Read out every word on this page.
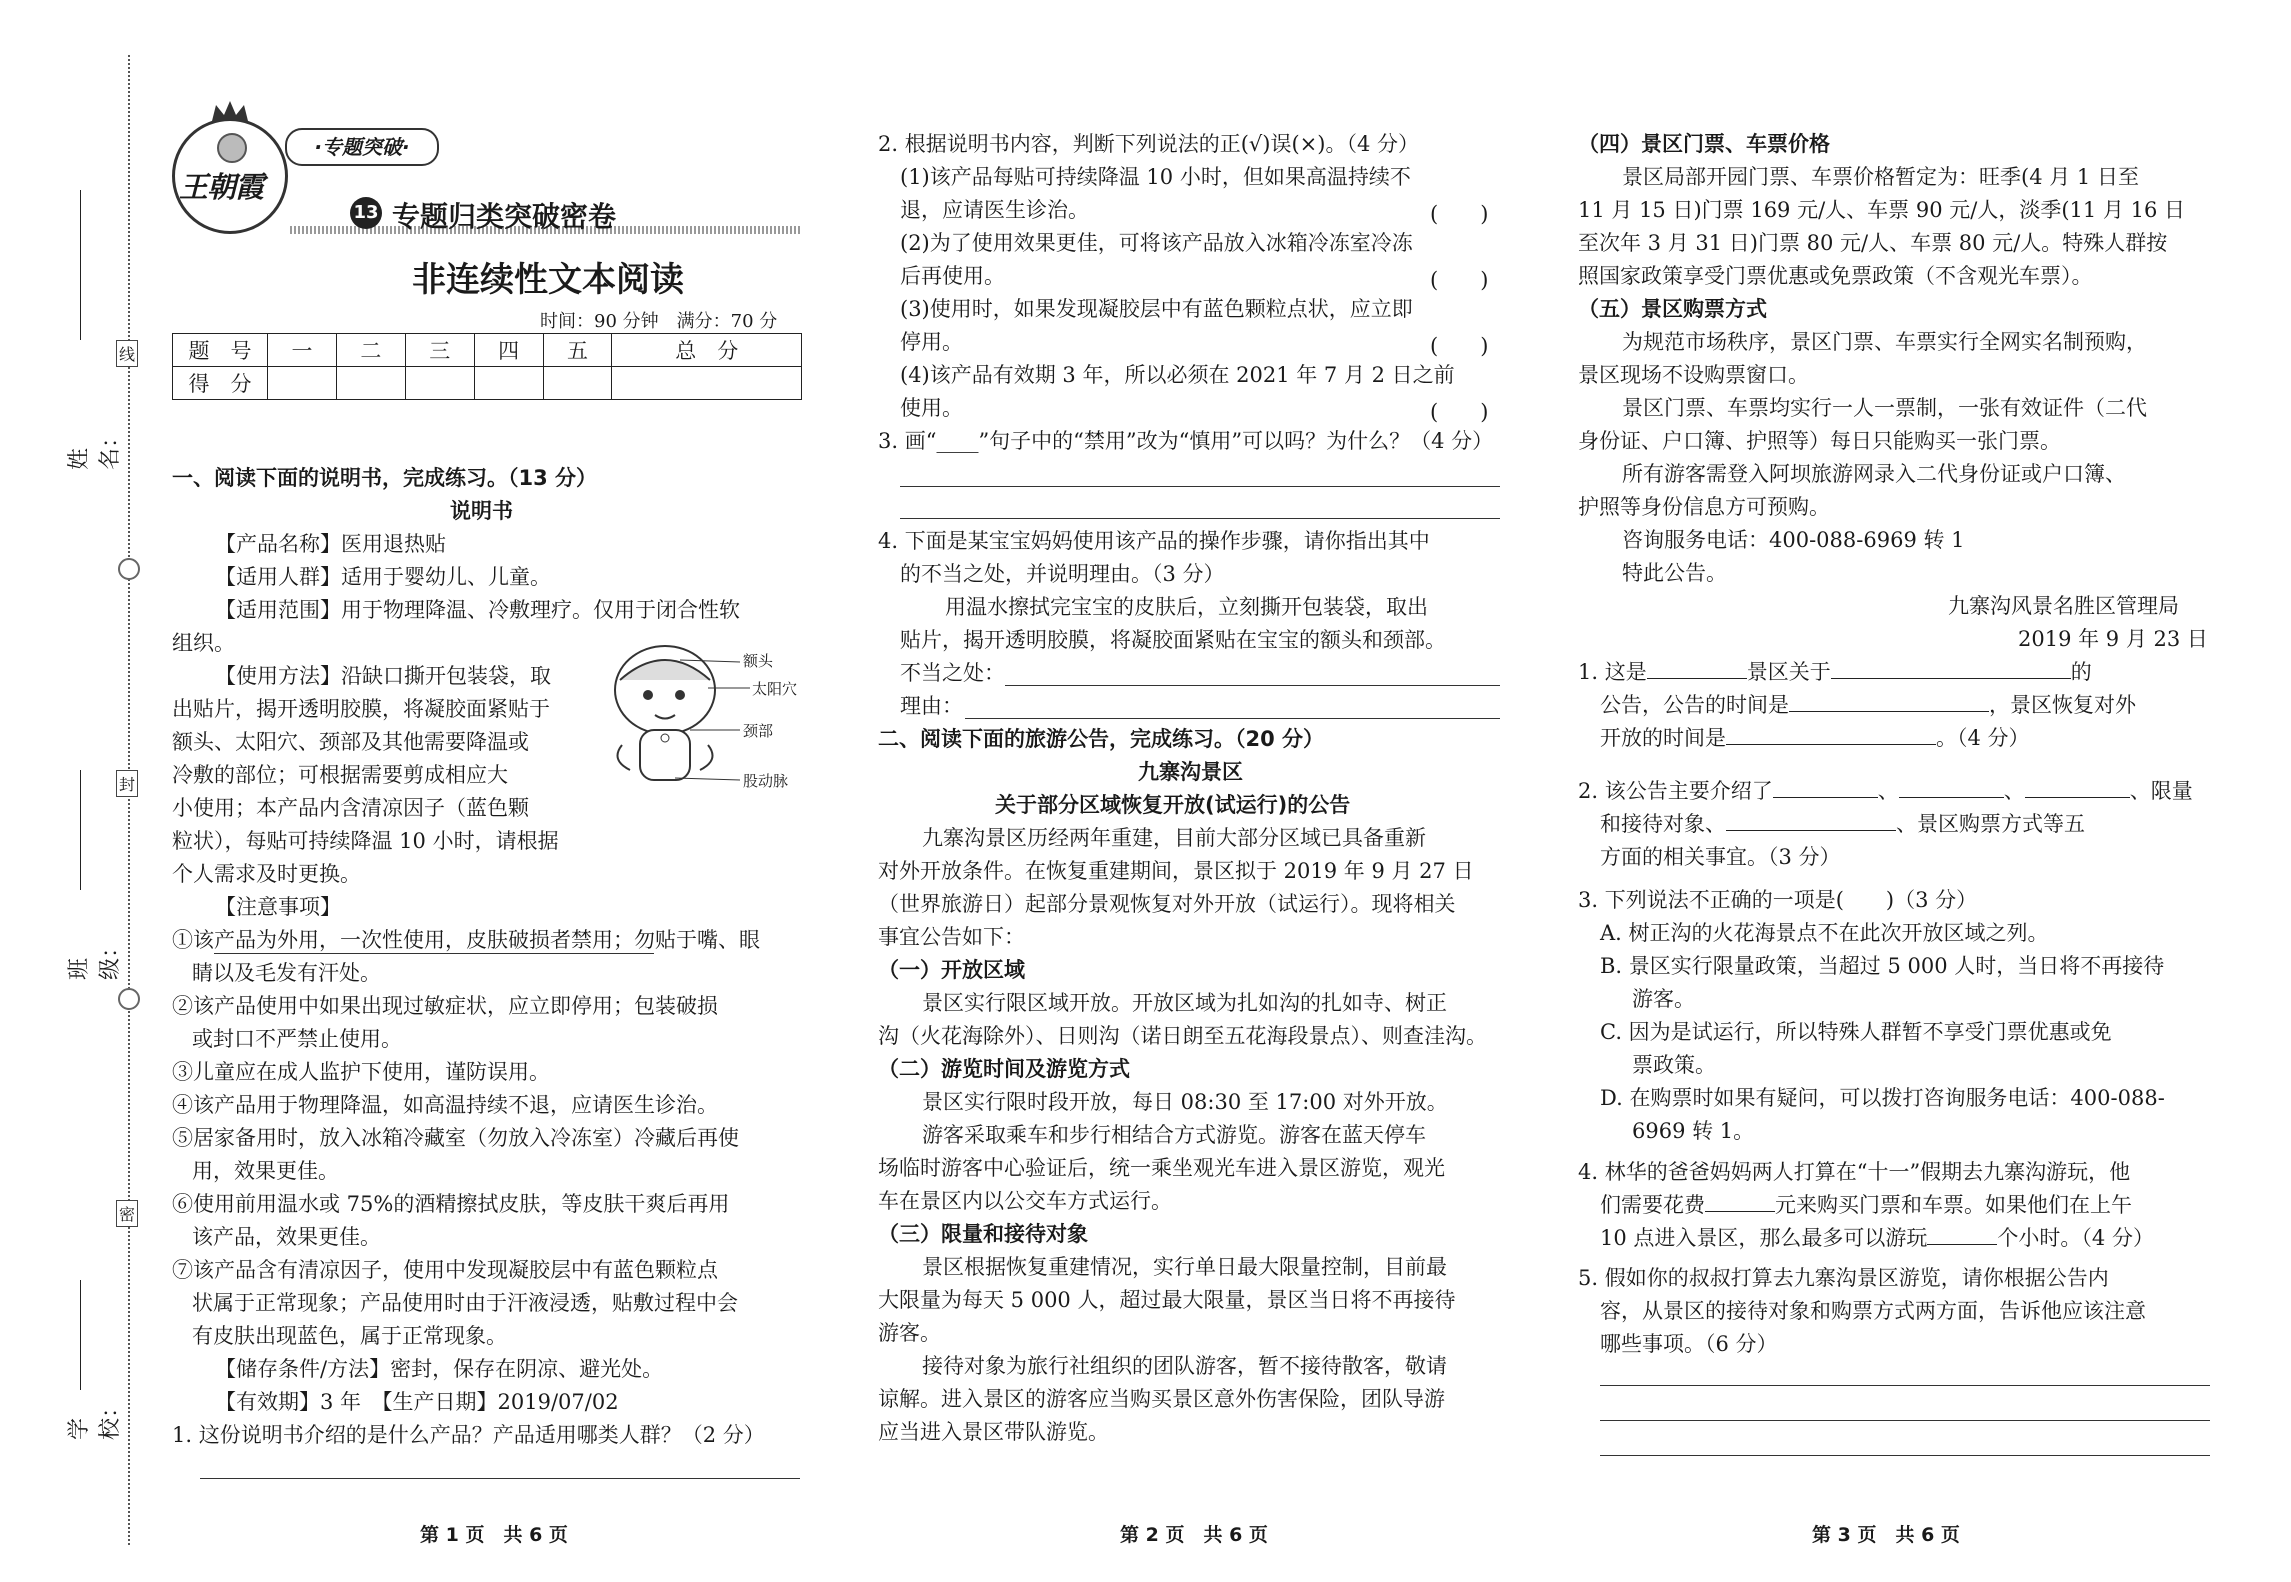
姓名：
班级：
学校：
线
封
密
王朝霞
·专题突破·
13 专题归类突破密卷
非连续性文本阅读
时间：90 分钟　满分：70 分
题　号	一	二	三	四	五	总　分
得　分						
一、阅读下面的说明书，完成练习。（13 分）
说明书
【产品名称】医用退热贴
【适用人群】适用于婴幼儿、儿童。
【适用范围】用于物理降温、冷敷理疗。仅用于闭合性软
组织。
【使用方法】沿缺口撕开包装袋，取
出贴片，揭开透明胶膜，将凝胶面紧贴于
额头、太阳穴、颈部及其他需要降温或
冷敷的部位；可根据需要剪成相应大
小使用；本产品内含清凉因子（蓝色颗
粒状），每贴可持续降温 10 小时，请根据
个人需求及时更换。
额头
太阳穴
颈部
股动脉
【注意事项】
①该产品为外用，一次性使用，皮肤破损者禁用；勿贴于嘴、眼
睛以及毛发有汗处。
②该产品使用中如果出现过敏症状，应立即停用；包装破损
或封口不严禁止使用。
③儿童应在成人监护下使用，谨防误用。
④该产品用于物理降温，如高温持续不退，应请医生诊治。
⑤居家备用时，放入冰箱冷藏室（勿放入冷冻室）冷藏后再使
用，效果更佳。
⑥使用前用温水或 75%的酒精擦拭皮肤，等皮肤干爽后再用
该产品，效果更佳。
⑦该产品含有清凉因子，使用中发现凝胶层中有蓝色颗粒点
状属于正常现象；产品使用时由于汗液浸透，贴敷过程中会
有皮肤出现蓝色，属于正常现象。
【储存条件/方法】密封，保存在阴凉、避光处。
【有效期】3 年　【生产日期】2019/07/02
1. 这份说明书介绍的是什么产品？产品适用哪类人群？（2 分）
第 1 页　共 6 页
2. 根据说明书内容，判断下列说法的正(√)误(×)。（4 分）
(1)该产品每贴可持续降温 10 小时，但如果高温持续不
退，应请医生诊治。	(　　)
(2)为了使用效果更佳，可将该产品放入冰箱冷冻室冷冻
后再使用。	(　　)
(3)使用时，如果发现凝胶层中有蓝色颗粒点状，应立即
停用。	(　　)
(4)该产品有效期 3 年，所以必须在 2021 年 7 月 2 日之前
使用。	(　　)
3. 画“____”句子中的“禁用”改为“慎用”可以吗？为什么？（4 分）
4. 下面是某宝宝妈妈使用该产品的操作步骤，请你指出其中
的不当之处，并说明理由。（3 分）
用温水擦拭完宝宝的皮肤后，立刻撕开包装袋，取出
贴片，揭开透明胶膜，将凝胶面紧贴在宝宝的额头和颈部。
不当之处：
理由：
二、阅读下面的旅游公告，完成练习。（20 分）
九寨沟景区
关于部分区域恢复开放(试运行)的公告
九寨沟景区历经两年重建，目前大部分区域已具备重新
对外开放条件。在恢复重建期间，景区拟于 2019 年 9 月 27 日
（世界旅游日）起部分景观恢复对外开放（试运行）。现将相关
事宜公告如下：
（一）开放区域
景区实行限区域开放。开放区域为扎如沟的扎如寺、树正
沟（火花海除外）、日则沟（诺日朗至五花海段景点）、则查洼沟。
（二）游览时间及游览方式
景区实行限时段开放，每日 08:30 至 17:00 对外开放。
游客采取乘车和步行相结合方式游览。游客在蓝天停车
场临时游客中心验证后，统一乘坐观光车进入景区游览，观光
车在景区内以公交车方式运行。
（三）限量和接待对象
景区根据恢复重建情况，实行单日最大限量控制，目前最
大限量为每天 5 000 人，超过最大限量，景区当日将不再接待
游客。
接待对象为旅行社组织的团队游客，暂不接待散客，敬请
谅解。进入景区的游客应当购买景区意外伤害保险，团队导游
应当进入景区带队游览。
第 2 页　共 6 页
（四）景区门票、车票价格
景区局部开园门票、车票价格暂定为：旺季(4 月 1 日至
11 月 15 日)门票 169 元/人、车票 90 元/人，淡季(11 月 16 日
至次年 3 月 31 日)门票 80 元/人、车票 80 元/人。特殊人群按
照国家政策享受门票优惠或免票政策（不含观光车票）。
（五）景区购票方式
为规范市场秩序，景区门票、车票实行全网实名制预购，
景区现场不设购票窗口。
景区门票、车票均实行一人一票制，一张有效证件（二代
身份证、户口簿、护照等）每日只能购买一张门票。
所有游客需登入阿坝旅游网录入二代身份证或户口簿、
护照等身份信息方可预购。
咨询服务电话：400-088-6969 转 1
特此公告。
九寨沟风景名胜区管理局
2019 年 9 月 23 日
1. 这是	景区关于	的
公告，公告的时间是	，景区恢复对外
开放的时间是	。（4 分）
2. 该公告主要介绍了	、	、	、限量
和接待对象、	、景区购票方式等五
方面的相关事宜。（3 分）
3. 下列说法不正确的一项是(　　)（3 分）
A. 树正沟的火花海景点不在此次开放区域之列。
B. 景区实行限量政策，当超过 5 000 人时，当日将不再接待
游客。
C. 因为是试运行，所以特殊人群暂不享受门票优惠或免
票政策。
D. 在购票时如果有疑问，可以拨打咨询服务电话：400-088-
6969 转 1。
4. 林华的爸爸妈妈两人打算在“十一”假期去九寨沟游玩，他
们需要花费	元来购买门票和车票。如果他们在上午
10 点进入景区，那么最多可以游玩	个小时。（4 分）
5. 假如你的叔叔打算去九寨沟景区游览，请你根据公告内
容，从景区的接待对象和购票方式两方面，告诉他应该注意
哪些事项。（6 分）
第 3 页　共 6 页
